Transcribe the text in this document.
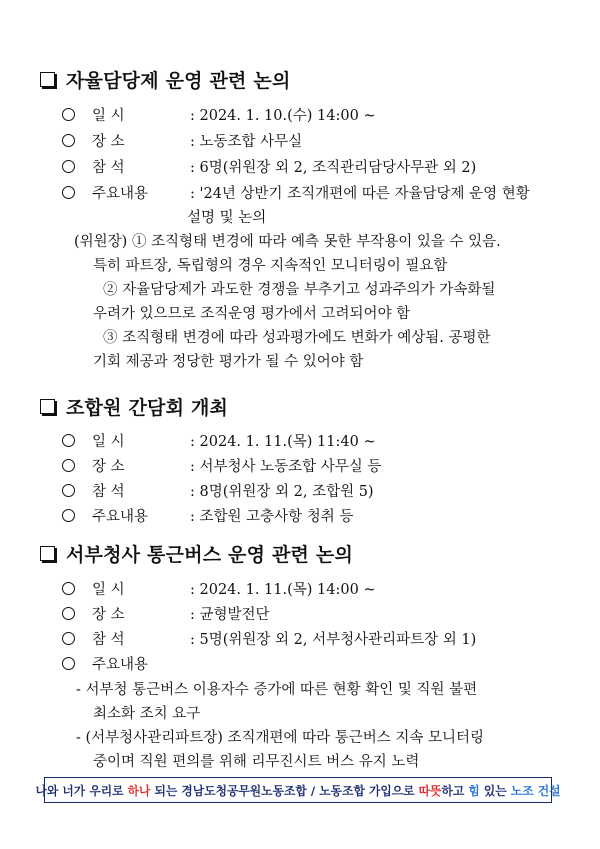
자율담당제 운영 관련 논의
일 시	: 2024. 1. 10.(수) 14:00 ~
장 소	: 노동조합 사무실
참 석	: 6명(위원장 외 2, 조직관리담당사무관 외 2)
주요내용	: '24년 상반기 조직개편에 따른 자율담당제 운영 현황
설명 및 논의
(위원장) ① 조직형태 변경에 따라 예측 못한 부작용이 있을 수 있음.
특히 파트장, 독립형의 경우 지속적인 모니터링이 필요함
② 자율담당제가 과도한 경쟁을 부추기고 성과주의가 가속화될
우려가 있으므로 조직운영 평가에서 고려되어야 함
③ 조직형태 변경에 따라 성과평가에도 변화가 예상됨. 공평한
기회 제공과 정당한 평가가 될 수 있어야 함
조합원 간담회 개최
일 시	: 2024. 1. 11.(목) 11:40 ~
장 소	: 서부청사 노동조합 사무실 등
참 석	: 8명(위원장 외 2, 조합원 5)
주요내용	: 조합원 고충사항 청취 등
서부청사 통근버스 운영 관련 논의
일 시	: 2024. 1. 11.(목) 14:00 ~
장 소	: 균형발전단
참 석	: 5명(위원장 외 2, 서부청사관리파트장 외 1)
주요내용
- 서부청 통근버스 이용자수 증가에 따른 현황 확인 및 직원 불편
최소화 조치 요구
- (서부청사관리파트장) 조직개편에 따라 통근버스 지속 모니터링
중이며 직원 편의를 위해 리무진시트 버스 유지 노력
나와 너가 우리로 하나 되는 경남도청공무원노동조합 / 노동조합 가입으로 따뜻하고 힘 있는 노조 건설
